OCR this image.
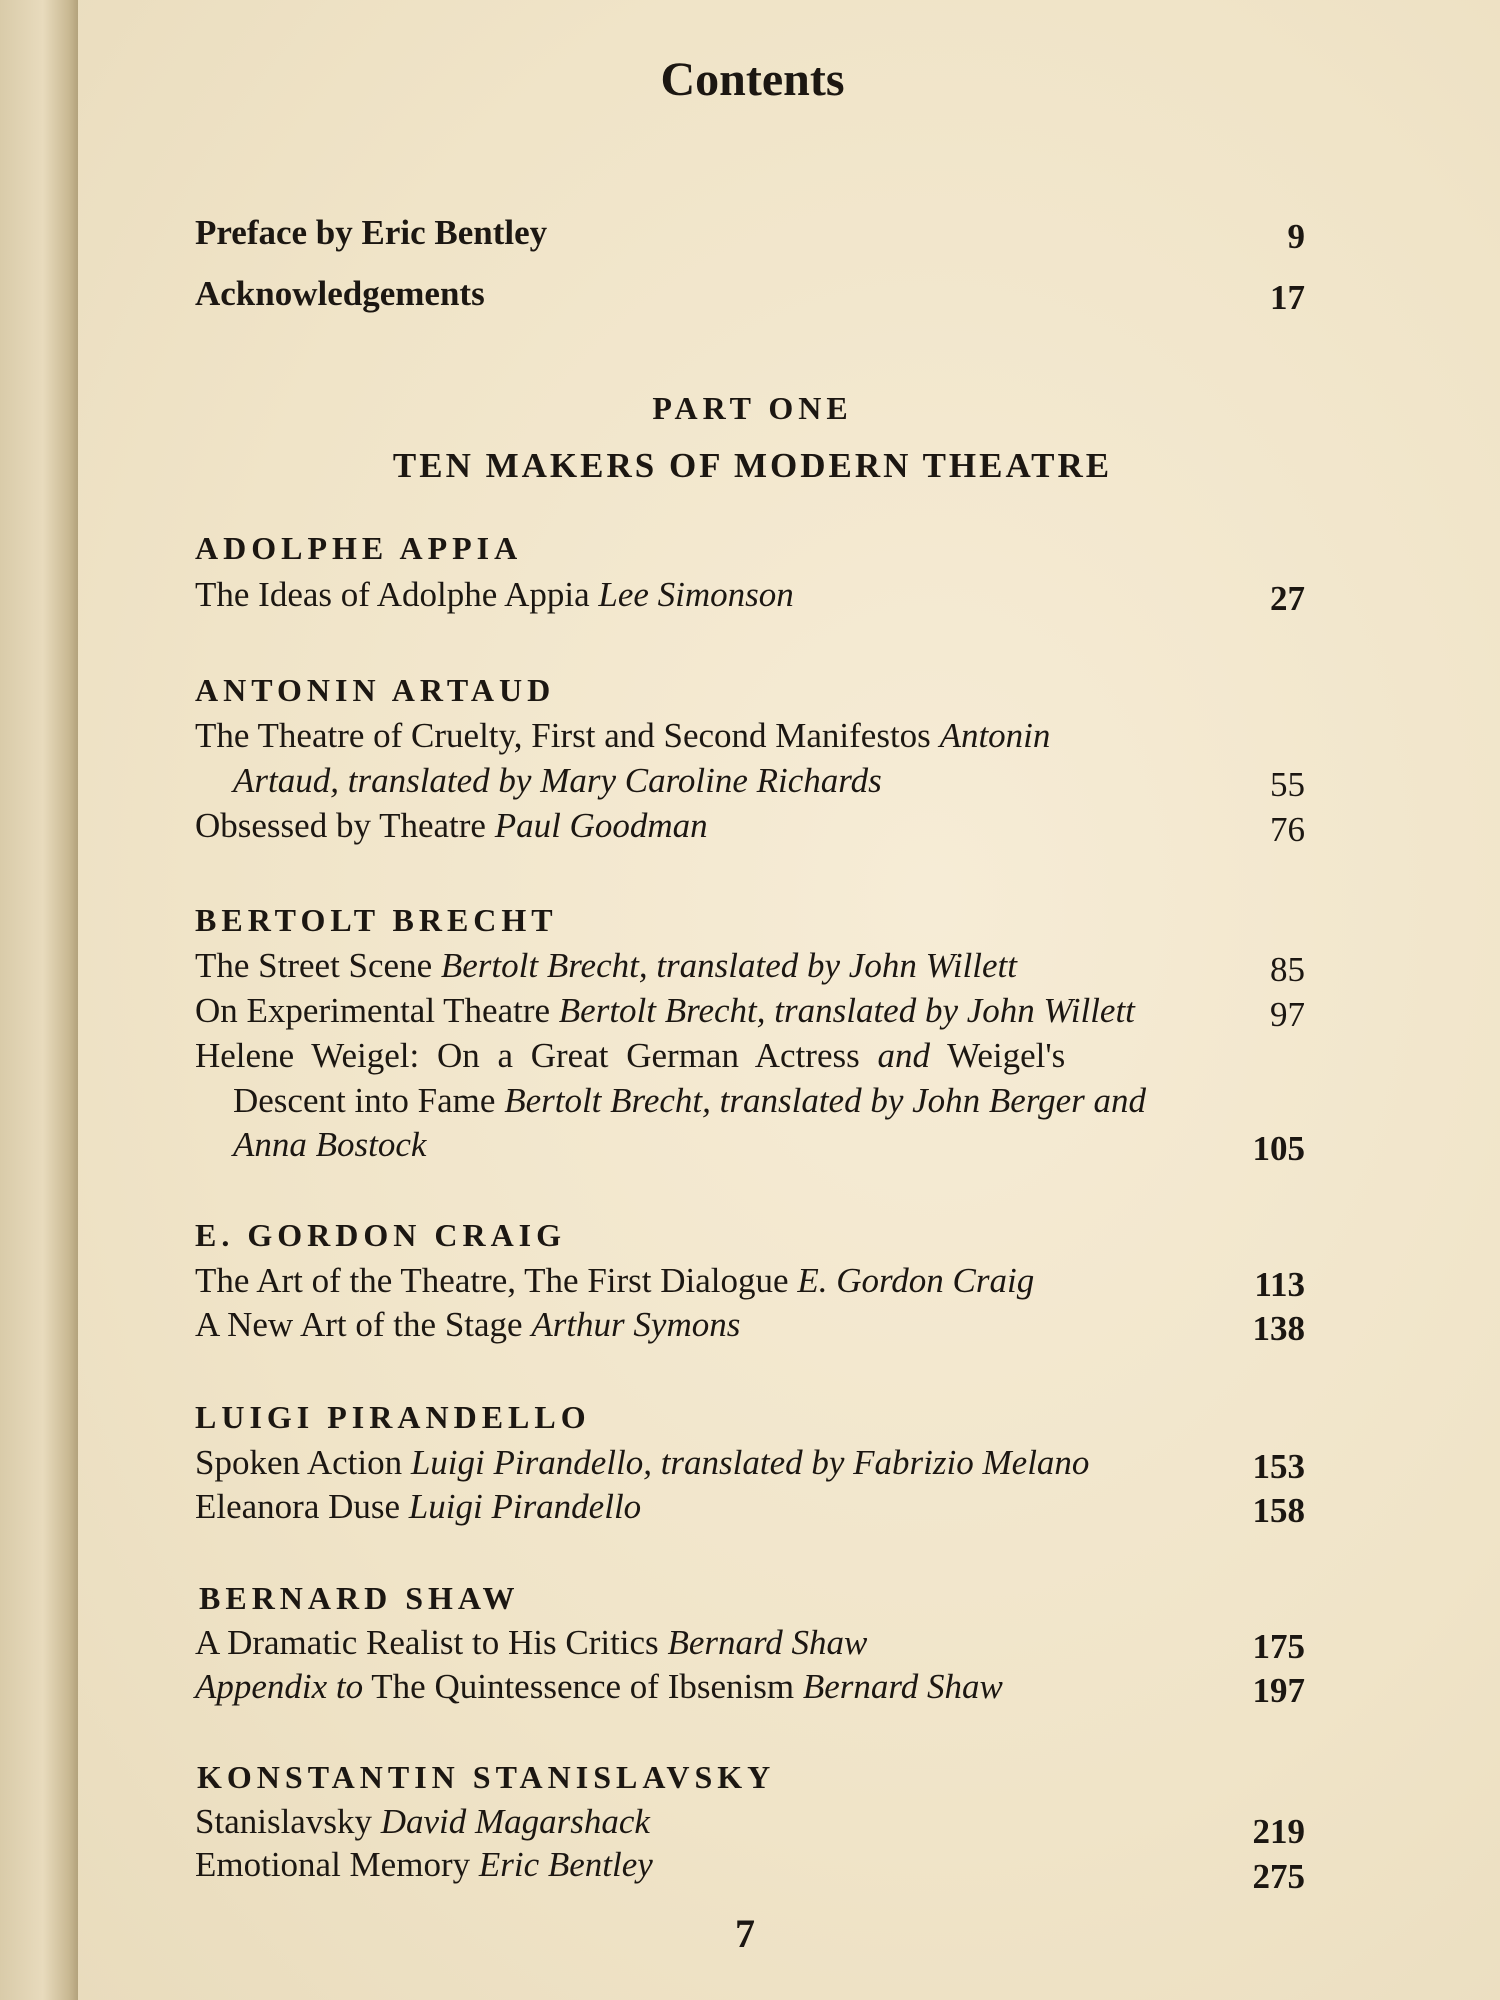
Contents
Preface by Eric Bentley	9
Acknowledgements	17
PART ONE
TEN MAKERS OF MODERN THEATRE
ADOLPHE APPIA
The Ideas of Adolphe Appia Lee Simonson	27
ANTONIN ARTAUD
The Theatre of Cruelty, First and Second Manifestos Antonin
Artaud, translated by Mary Caroline Richards	55
Obsessed by Theatre Paul Goodman	76
BERTOLT BRECHT
The Street Scene Bertolt Brecht, translated by John Willett	85
On Experimental Theatre Bertolt Brecht, translated by John Willett	97
Helene Weigel: On a Great German Actress and Weigel's
Descent into Fame Bertolt Brecht, translated by John Berger and
Anna Bostock	105
E. GORDON CRAIG
The Art of the Theatre, The First Dialogue E. Gordon Craig	113
A New Art of the Stage Arthur Symons	138
LUIGI PIRANDELLO
Spoken Action Luigi Pirandello, translated by Fabrizio Melano	153
Eleanora Duse Luigi Pirandello	158
BERNARD SHAW
A Dramatic Realist to His Critics Bernard Shaw	175
Appendix to The Quintessence of Ibsenism Bernard Shaw	197
KONSTANTIN STANISLAVSKY
Stanislavsky David Magarshack	219
Emotional Memory Eric Bentley	275
7
